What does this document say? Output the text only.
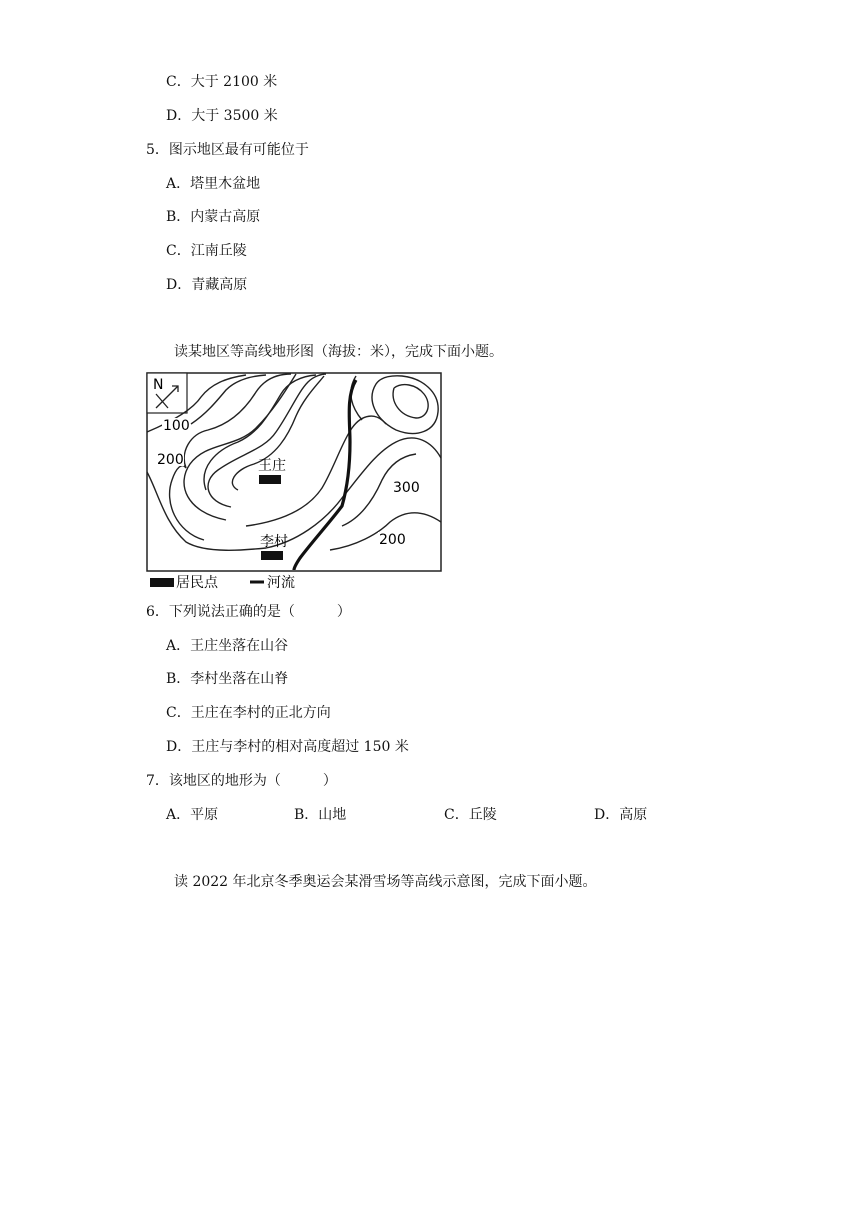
C．大于 2100 米
D．大于 3500 米
5．图示地区最有可能位于
A．塔里木盆地
B．内蒙古高原
C．江南丘陵
D．青藏高原
读某地区等高线地形图（海拔：米），完成下面小题。
N
100
200
300
200
王庄
李村
居民点	河流
6．下列说法正确的是（　　　）
A．王庄坐落在山谷
B．李村坐落在山脊
C．王庄在李村的正北方向
D．王庄与李村的相对高度超过 150 米
7．该地区的地形为（　　　）
A．平原	B．山地	C．丘陵	D．高原
读 2022 年北京冬季奥运会某滑雪场等高线示意图，完成下面小题。
